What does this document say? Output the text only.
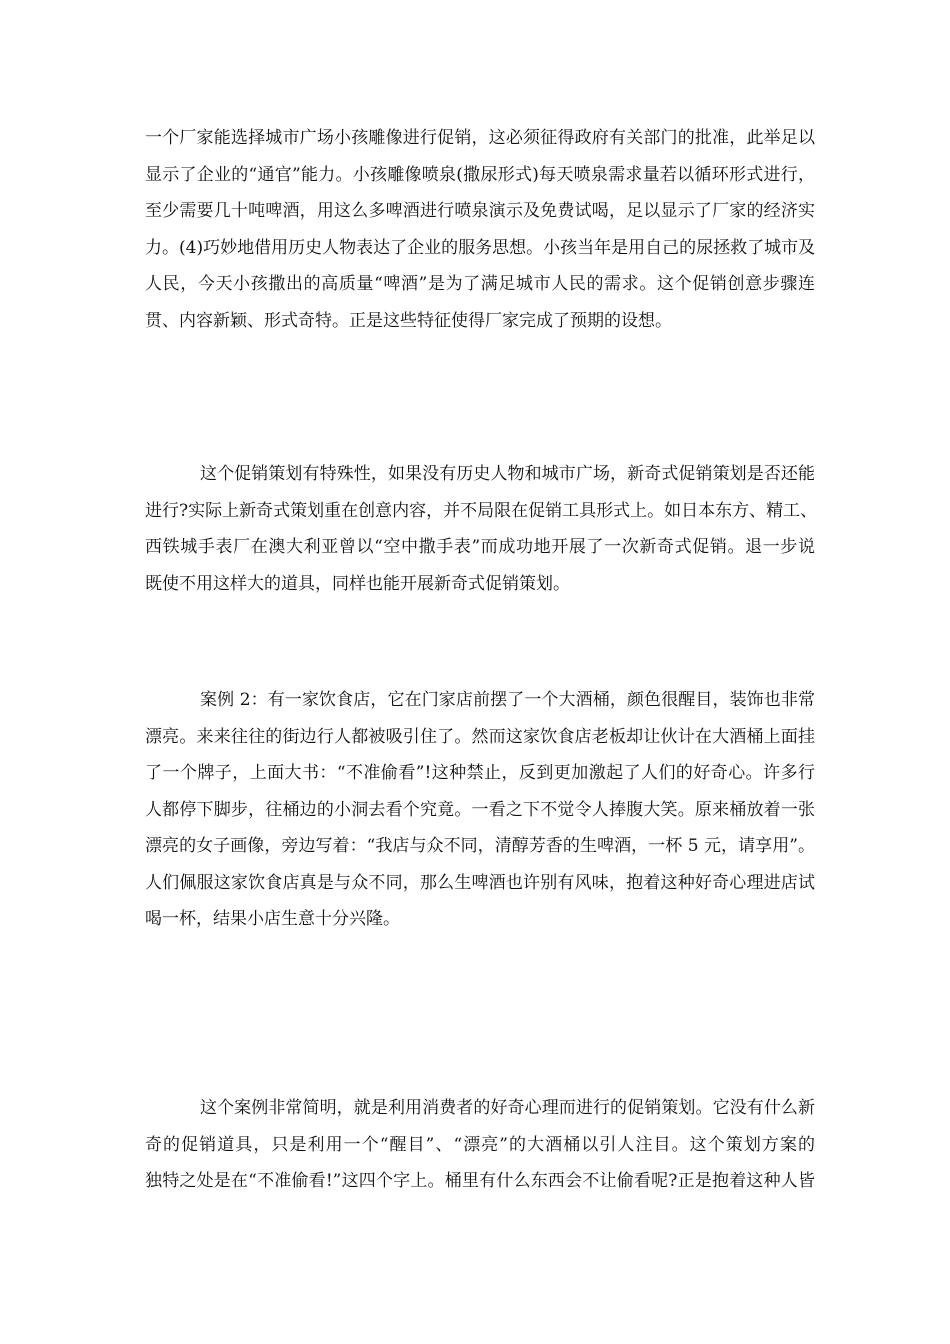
一个厂家能选择城市广场小孩雕像进行促销，这必须征得政府有关部门的批准，此举足以
显示了企业的“通官”能力。小孩雕像喷泉(撒尿形式)每天喷泉需求量若以循环形式进行，
至少需要几十吨啤酒，用这么多啤酒进行喷泉演示及免费试喝，足以显示了厂家的经济实
力。(4)巧妙地借用历史人物表达了企业的服务思想。小孩当年是用自己的尿拯救了城市及
人民，今天小孩撒出的高质量“啤酒”是为了满足城市人民的需求。这个促销创意步骤连
贯、内容新颖、形式奇特。正是这些特征使得厂家完成了预期的设想。
这个促销策划有特殊性，如果没有历史人物和城市广场，新奇式促销策划是否还能
进行?实际上新奇式策划重在创意内容，并不局限在促销工具形式上。如日本东方、精工、
西铁城手表厂在澳大利亚曾以“空中撒手表”而成功地开展了一次新奇式促销。退一步说
既使不用这样大的道具，同样也能开展新奇式促销策划。
案例 2：有一家饮食店，它在门家店前摆了一个大酒桶，颜色很醒目，装饰也非常
漂亮。来来往往的街边行人都被吸引住了。然而这家饮食店老板却让伙计在大酒桶上面挂
了一个牌子，上面大书：“不准偷看”!这种禁止，反到更加激起了人们的好奇心。许多行
人都停下脚步，往桶边的小洞去看个究竟。一看之下不觉令人捧腹大笑。原来桶放着一张
漂亮的女子画像，旁边写着：“我店与众不同，清醇芳香的生啤酒，一杯 5 元，请享用”。
人们佩服这家饮食店真是与众不同，那么生啤酒也许别有风味，抱着这种好奇心理进店试
喝一杯，结果小店生意十分兴隆。
这个案例非常简明，就是利用消费者的好奇心理而进行的促销策划。它没有什么新
奇的促销道具，只是利用一个“醒目”、“漂亮”的大酒桶以引人注目。这个策划方案的
独特之处是在“不准偷看!”这四个字上。桶里有什么东西会不让偷看呢?正是抱着这种人皆
